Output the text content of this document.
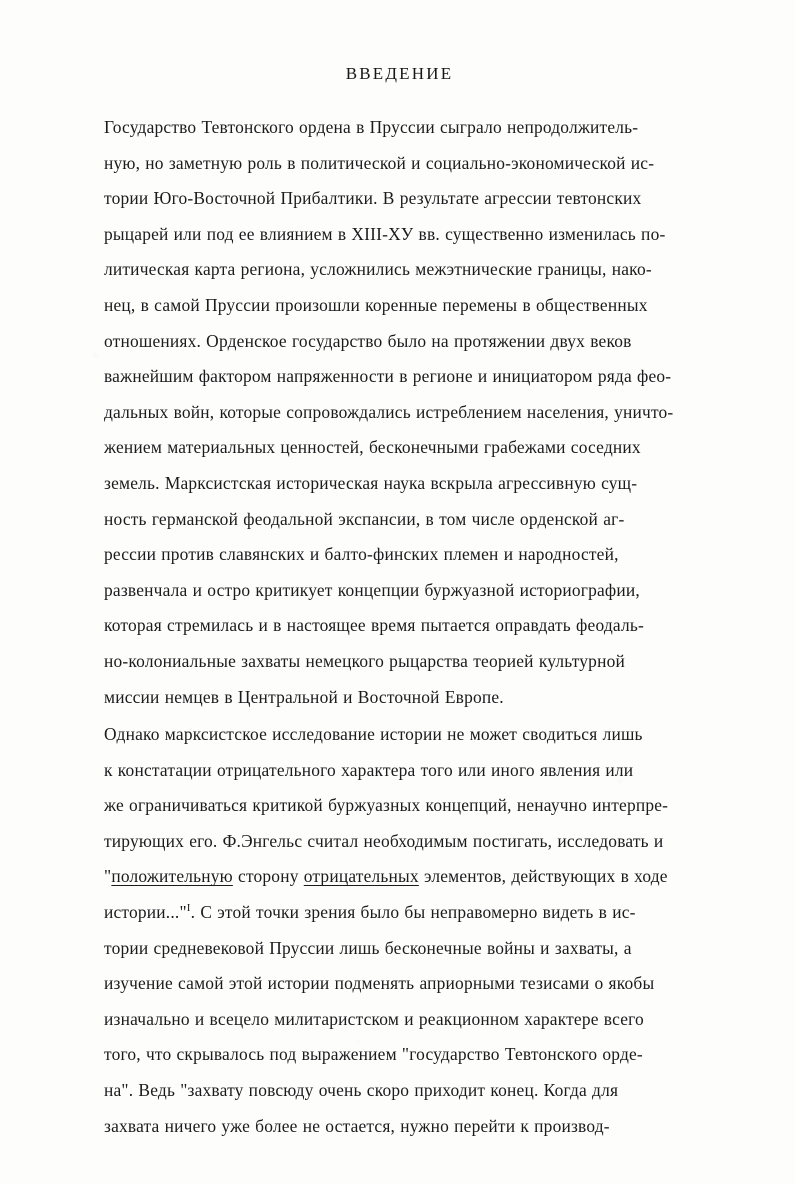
ВВЕДЕНИЕ
Государство Тевтонского ордена в Пруссии сыграло непродолжитель-
ную, но заметную роль в политической и социально-экономической ис-
тории Юго-Восточной Прибалтики. В результате агрессии тевтонских
рыцарей или под ее влиянием в ХIII-ХУ вв. существенно изменилась по-
литическая карта региона, усложнились межэтнические границы, нако-
нец, в самой Пруссии произошли коренные перемены в общественных
отношениях. Орденское государство было на протяжении двух веков
важнейшим фактором напряженности в регионе и инициатором ряда фео-
дальных войн, которые сопровождались истреблением населения, уничто-
жением материальных ценностей, бесконечными грабежами соседних
земель. Марксистская историческая наука вскрыла агрессивную сущ-
ность германской феодальной экспансии, в том числе орденской аг-
рессии против славянских и балто-финских племен и народностей,
развенчала и остро критикует концепции буржуазной историографии,
которая стремилась и в настоящее время пытается оправдать феодаль-
но-колониальные захваты немецкого рыцарства теорией культурной
миссии немцев в Центральной и Восточной Европе.
Однако марксистское исследование истории не может сводиться лишь
к констатации отрицательного характера того или иного явления или
же ограничиваться критикой буржуазных концепций, ненаучно интерпре-
тирующих его. Ф.Энгельс считал необходимым постигать, исследовать и
"положительную сторону отрицательных элементов, действующих в ходе
истории..."$^I$. С этой точки зрения было бы неправомерно видеть в ис-
тории средневековой Пруссии лишь бесконечные войны и захваты, а
изучение самой этой истории подменять априорными тезисами о якобы
изначально и всецело милитаристском и реакционном характере всего
того, что скрывалось под выражением "государство Тевтонского орде-
на". Ведь "захвату повсюду очень скоро приходит конец. Когда для
захвата ничего уже более не остается, нужно перейти к производ-
